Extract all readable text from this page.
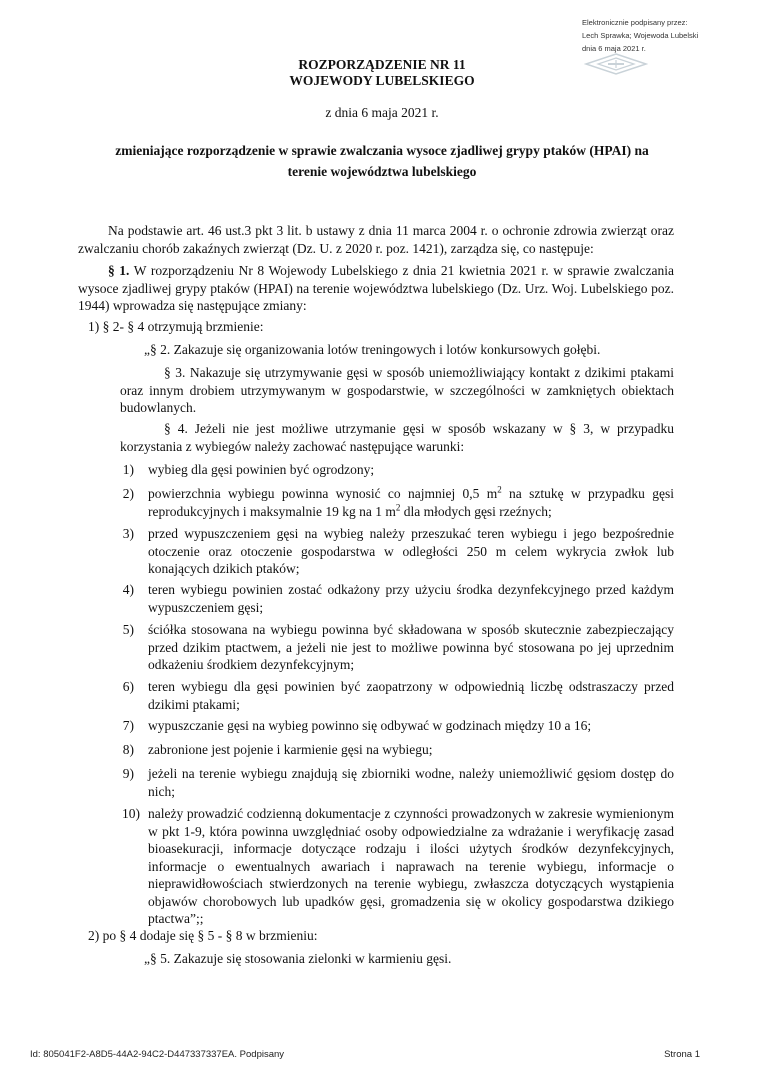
Elektronicznie podpisany przez:
Lech Sprawka; Wojewoda Lubelski
dnia 6 maja 2021 r.
ROZPORZĄDZENIE NR 11
WOJEWODY LUBELSKIEGO
z dnia 6 maja 2021 r.
zmieniające rozporządzenie w sprawie zwalczania wysoce zjadliwej grypy ptaków (HPAI) na
terenie województwa lubelskiego
Na podstawie art. 46 ust.3 pkt 3 lit. b ustawy z dnia 11 marca 2004 r. o ochronie zdrowia zwierząt oraz zwalczaniu chorób zakaźnych zwierząt (Dz. U. z 2020 r. poz. 1421), zarządza się, co następuje:
§ 1. W rozporządzeniu Nr 8 Wojewody Lubelskiego z dnia 21 kwietnia 2021 r. w sprawie zwalczania wysoce zjadliwej grypy ptaków (HPAI) na terenie województwa lubelskiego (Dz. Urz. Woj. Lubelskiego poz. 1944) wprowadza się następujące zmiany:
1) § 2- § 4 otrzymują brzmienie:
„§ 2. Zakazuje się organizowania lotów treningowych i lotów konkursowych gołębi.
§ 3. Nakazuje się utrzymywanie gęsi w sposób uniemożliwiający kontakt z dzikimi ptakami oraz innym drobiem utrzymywanym w gospodarstwie, w szczególności w zamkniętych obiektach budowlanych.
§ 4. Jeżeli nie jest możliwe utrzymanie gęsi w sposób wskazany w § 3, w przypadku korzystania z wybiegów należy zachować następujące warunki:
1) wybieg dla gęsi powinien być ogrodzony;
2) powierzchnia wybiegu powinna wynosić co najmniej 0,5 $m^2$ na sztukę w przypadku gęsi reprodukcyjnych i maksymalnie 19 kg na 1 $m^2$ dla młodych gęsi rzeźnych;
3) przed wypuszczeniem gęsi na wybieg należy przeszukać teren wybiegu i jego bezpośrednie otoczenie oraz otoczenie gospodarstwa w odległości 250 m celem wykrycia zwłok lub konających dzikich ptaków;
4) teren wybiegu powinien zostać odkażony przy użyciu środka dezynfekcyjnego przed każdym wypuszczeniem gęsi;
5) ściółka stosowana na wybiegu powinna być składowana w sposób skutecznie zabezpieczający przed dzikim ptactwem, a jeżeli nie jest to możliwe powinna być stosowana po jej uprzednim odkażeniu środkiem dezynfekcyjnym;
6) teren wybiegu dla gęsi powinien być zaopatrzony w odpowiednią liczbę odstraszaczy przed dzikimi ptakami;
7) wypuszczanie gęsi na wybieg powinno się odbywać w godzinach między 10 a 16;
8) zabronione jest pojenie i karmienie gęsi na wybiegu;
9) jeżeli na terenie wybiegu znajdują się zbiorniki wodne, należy uniemożliwić gęsiom dostęp do nich;
10) należy prowadzić codzienną dokumentacje z czynności prowadzonych w zakresie wymienionym w pkt 1-9, która powinna uwzględniać osoby odpowiedzialne za wdrażanie i weryfikację zasad bioasekuracji, informacje dotyczące rodzaju i ilości użytych środków dezynfekcyjnych, informacje o ewentualnych awariach i naprawach na terenie wybiegu, informacje o nieprawidłowościach stwierdzonych na terenie wybiegu, zwłaszcza dotyczących wystąpienia objawów chorobowych lub upadków gęsi, gromadzenia się w okolicy gospodarstwa dzikiego ptactwa”;;
2) po § 4 dodaje się § 5 - § 8 w brzmieniu:
„§ 5. Zakazuje się stosowania zielonki w karmieniu gęsi.
Id: 805041F2-A8D5-44A2-94C2-D447337337EA. Podpisany	Strona 1
